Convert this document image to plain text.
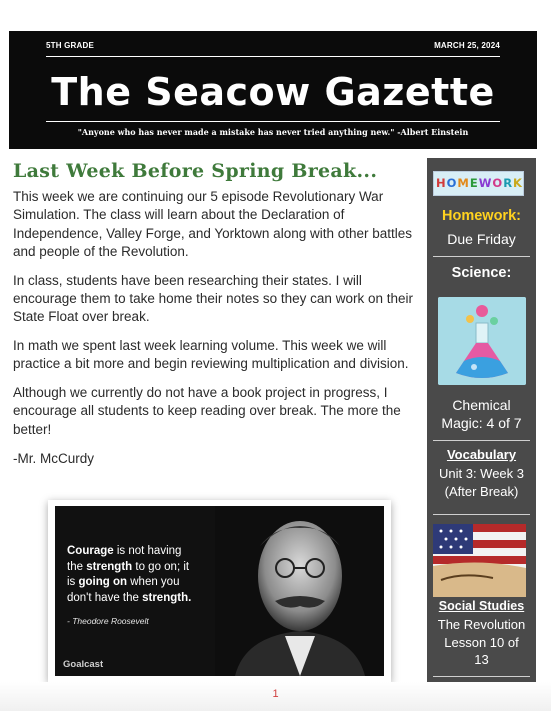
5TH GRADE	MARCH 25, 2024
The Seacow Gazette
"Anyone who has never made a mistake has never tried anything new." -Albert Einstein
Last Week Before Spring Break...

This week we are continuing our 5 episode Revolutionary War Simulation. The class will learn about the Declaration of Independence, Valley Forge, and Yorktown along with other battles and people of the Revolution.

In class, students have been researching their states. I will encourage them to take home their notes so they can work on their State Float over break.

In math we spent last week learning volume. This week we will practice a bit more and begin reviewing multiplication and division.

Although we currently do not have a book project in progress, I encourage all students to keep reading over break. The more the better!

-Mr. McCurdy

Courage is not having the strength to go on; it is going on when you don't have the strength.
- Theodore Roosevelt
Goalcast
HOMEWORK
Homework:
Due Friday
Science:
Chemical
Magic: 4 of 7
Vocabulary
Unit 3: Week 3
(After Break)
Social Studies
The Revolution
Lesson 10 of
13
1
